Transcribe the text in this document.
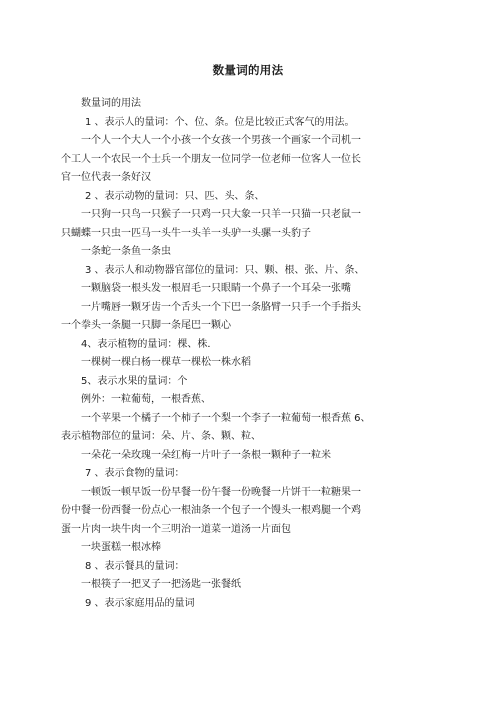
数量词的用法
数量词的用法
1 、表示人的量词：个、位、条。位是比较正式客气的用法。
一个人一个大人一个小孩一个女孩一个男孩一个画家一个司机一
个工人一个农民一个士兵一个朋友一位同学一位老师一位客人一位长
官一位代表一条好汉
2 、表示动物的量词：只、匹、头、条、
一只狗一只鸟一只猴子一只鸡一只大象一只羊一只猫一只老鼠一
只蝴蝶一只虫一匹马一头牛一头羊一头驴一头骡一头豹子
一条蛇一条鱼一条虫
3 、表示人和动物器官部位的量词：只、颗、根、张、片、条、
一颗脑袋一根头发一根眉毛一只眼睛一个鼻子一个耳朵一张嘴
一片嘴唇一颗牙齿一个舌头一个下巴一条胳臂一只手一个手指头
一个拳头一条腿一只脚一条尾巴一颗心
4、表示植物的量词：棵、株．
一棵树一棵白杨一棵草一棵松一株水稻
5、表示水果的量词：个
例外：一粒葡萄，一根香蕉、
一个苹果一个橘子一个柿子一个梨一个李子一粒葡萄一根香蕉 6、
表示植物部位的量词：朵、片、条、颗、粒、
一朵花一朵玫瑰一朵红梅一片叶子一条根一颗种子一粒米
7 、表示食物的量词：
一顿饭一顿早饭一份早餐一份午餐一份晚餐一片饼干一粒糖果一
份中餐一份西餐一份点心一根油条一个包子一个馒头一根鸡腿一个鸡
蛋一片肉一块牛肉一个三明治一道菜一道汤一片面包
一块蛋糕一根冰棒
8 、表示餐具的量词：
一根筷子一把叉子一把汤匙一张餐纸
9 、表示家庭用品的量词
